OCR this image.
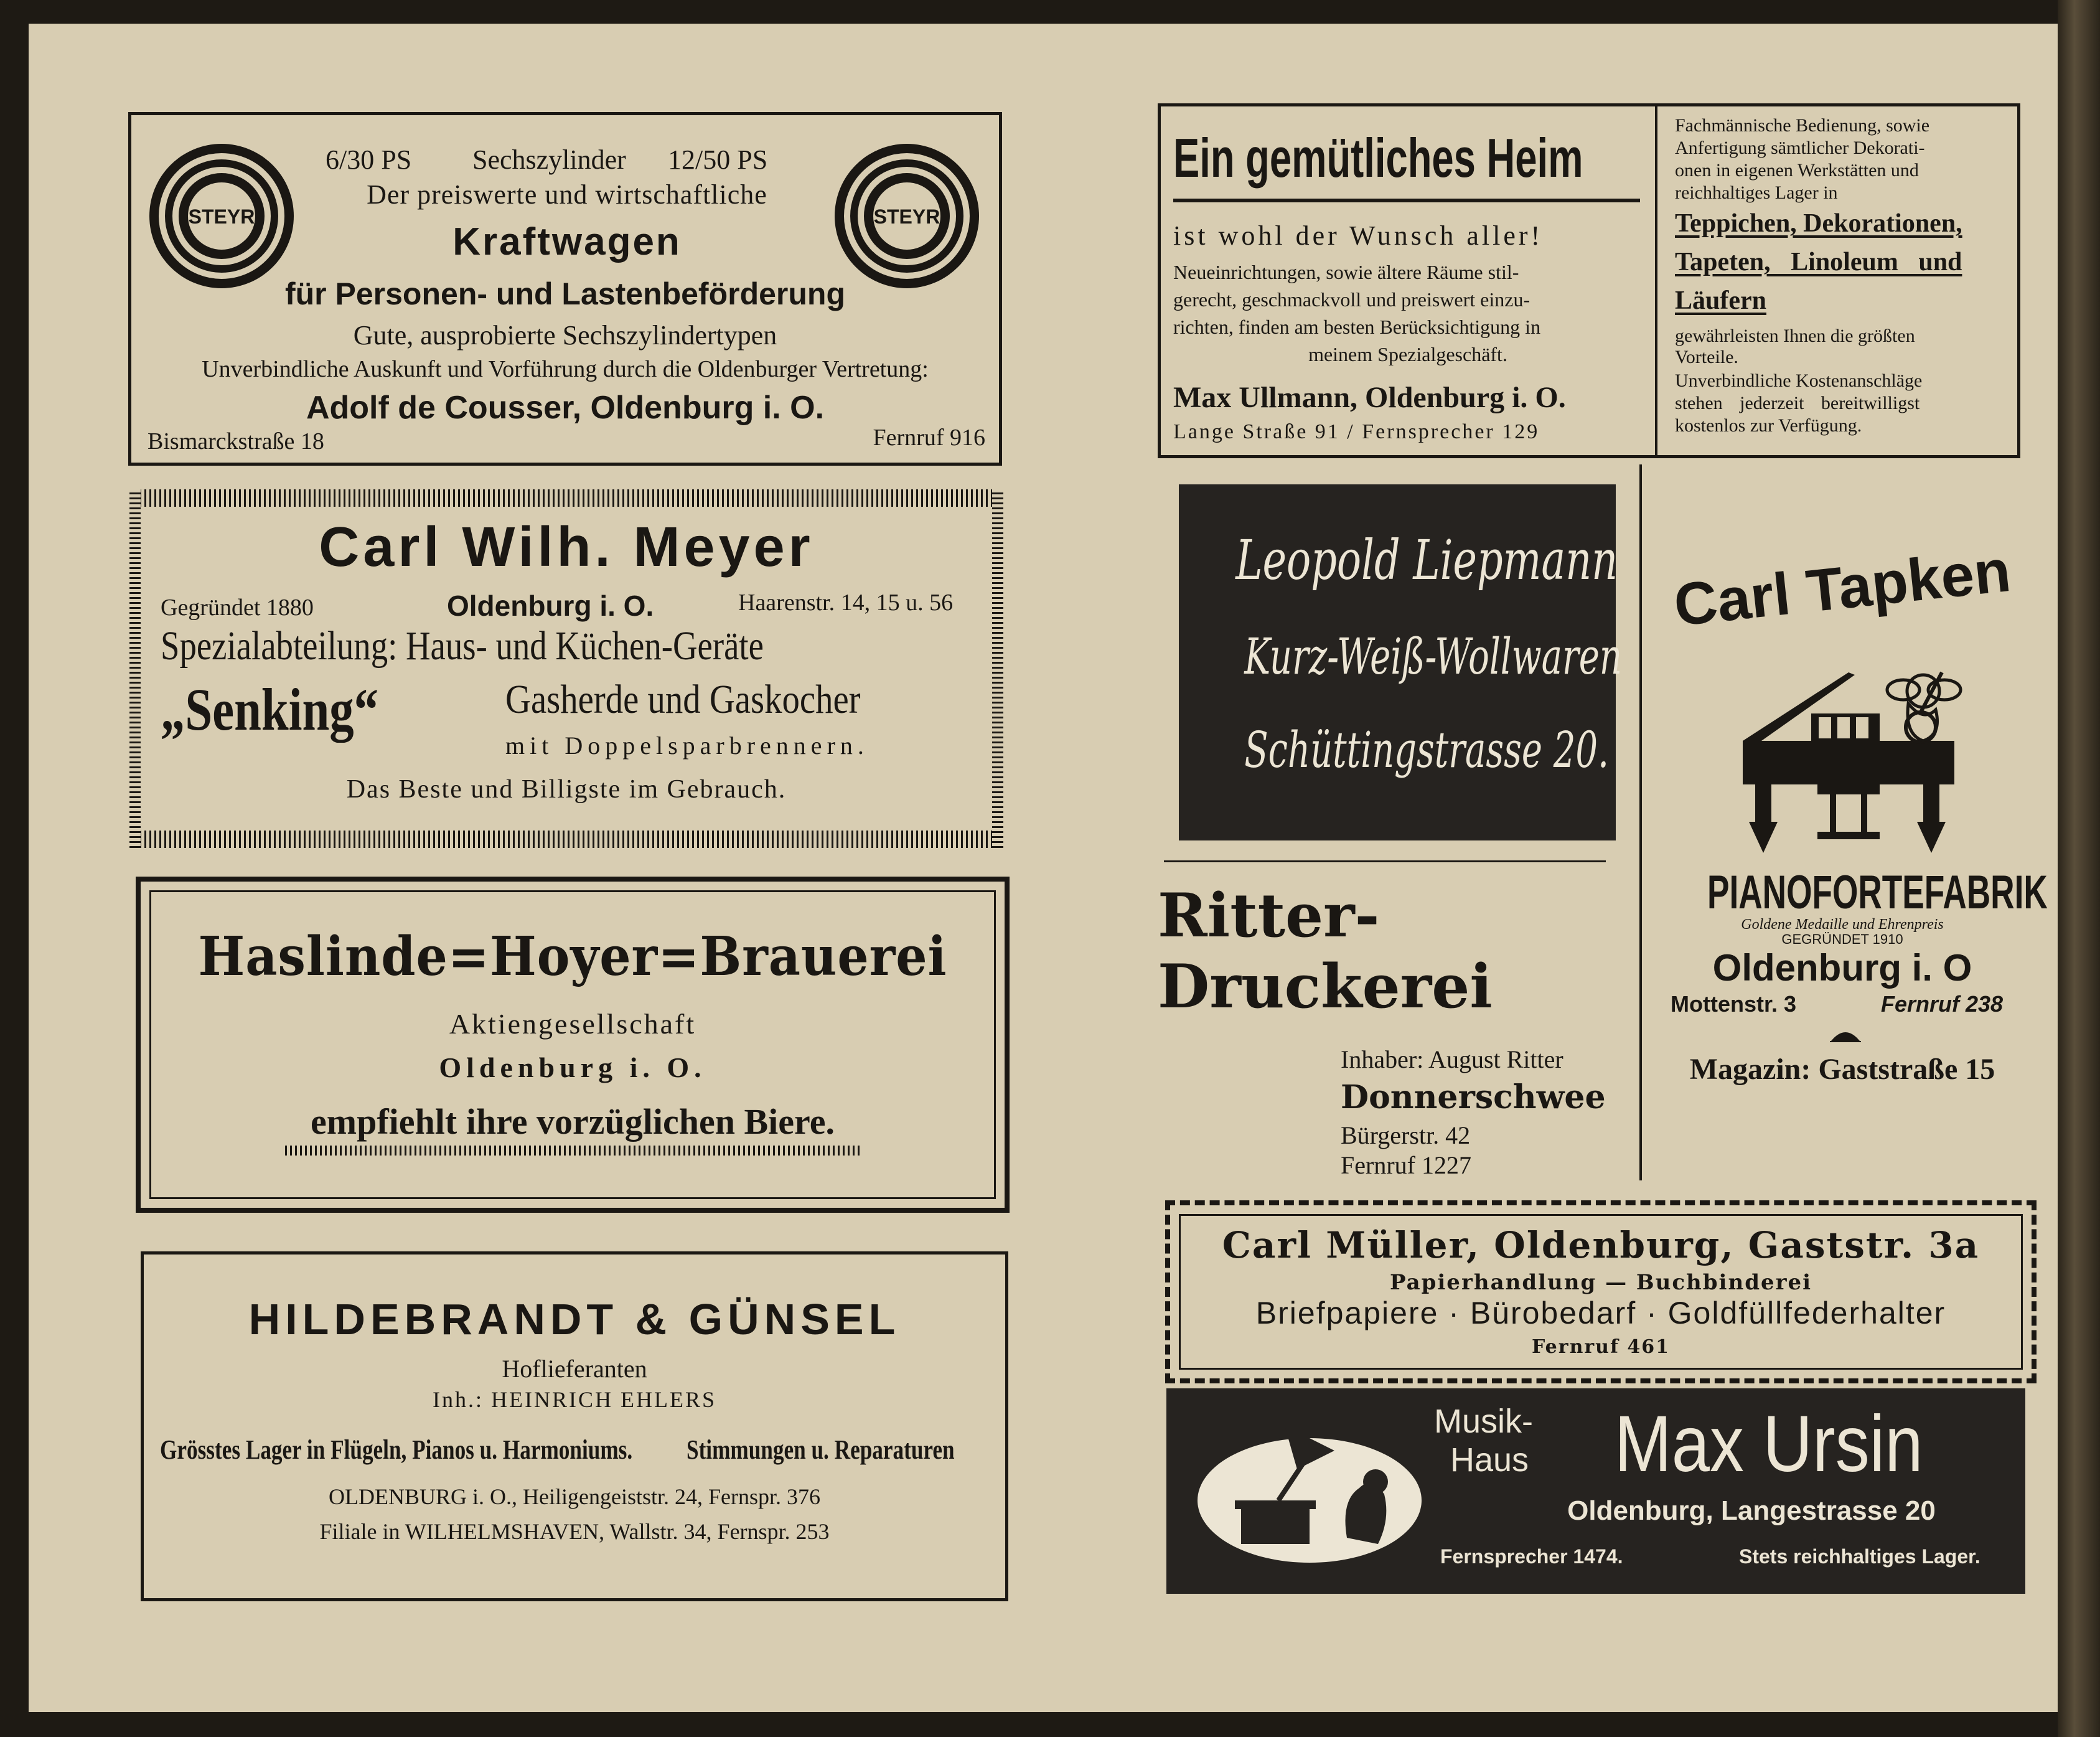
STEYR	STEYR
6/30 PS Sechszylinder 12/50 PS
Der preiswerte und wirtschaftliche
Kraftwagen
für Personen- und Lastenbeförderung
Gute, ausprobierte Sechszylindertypen
Unverbindliche Auskunft und Vorführung durch die Oldenburger Vertretung:
Adolf de Cousser, Oldenburg i. O.
Bismarckstraße 18	Fernruf 916
Carl Wilh. Meyer
Gegründet 1880	Oldenburg i. O.	Haarenstr. 14, 15 u. 56
Spezialabteilung: Haus- und Küchen-Geräte
„Senking“	Gasherde und Gaskocher
mit Doppelsparbrennern.
Das Beste und Billigste im Gebrauch.
Haslinde=Hoyer=Brauerei
Aktiengesellschaft
Oldenburg i. O.
empfiehlt ihre vorzüglichen Biere.
HILDEBRANDT & GÜNSEL
Hoflieferanten
Inh.: HEINRICH EHLERS
Grösstes Lager in Flügeln, Pianos u. Harmoniums. Stimmungen u. Reparaturen
OLDENBURG i. O., Heiligengeiststr. 24, Fernspr. 376
Filiale in WILHELMSHAVEN, Wallstr. 34, Fernspr. 253
Ein gemütliches Heim
ist wohl der Wunsch aller!
Neueinrichtungen, sowie ältere Räume stil-
gerecht, geschmackvoll und preiswert einzu-
richten, finden am besten Berücksichtigung in
meinem Spezialgeschäft.
Max Ullmann, Oldenburg i. O.
Lange Straße 91 / Fernsprecher 129
Fachmännische Bedienung, sowie
Anfertigung sämtlicher Dekorati-
onen in eigenen Werkstätten und
reichhaltiges Lager in
Teppichen, Dekorationen,
Tapeten, Linoleum und
Läufern
gewährleisten Ihnen die größten
Vorteile.
Unverbindliche Kostenanschläge
stehen jederzeit bereitwilligst
kostenlos zur Verfügung.
Leopold Liepmann
Kurz-Weiß-Wollwaren
Schüttingstrasse 20.
Ritter-
Druckerei
Inhaber: August Ritter
Donnerschwee
Bürgerstr. 42
Fernruf 1227
Carl Tapken
PIANOFORTEFABRIK
Goldene Medaille und Ehrenpreis
GEGRÜNDET 1910
Oldenburg i. O
Mottenstr. 3	Fernruf 238
Magazin: Gaststraße 15
Carl Müller, Oldenburg, Gaststr. 3a
Papierhandlung — Buchbinderei
Briefpapiere · Bürobedarf · Goldfüllfederhalter
Fernruf 461
Musik-
Haus Max Ursin
Oldenburg, Langestrasse 20
Fernsprecher 1474.	Stets reichhaltiges Lager.
